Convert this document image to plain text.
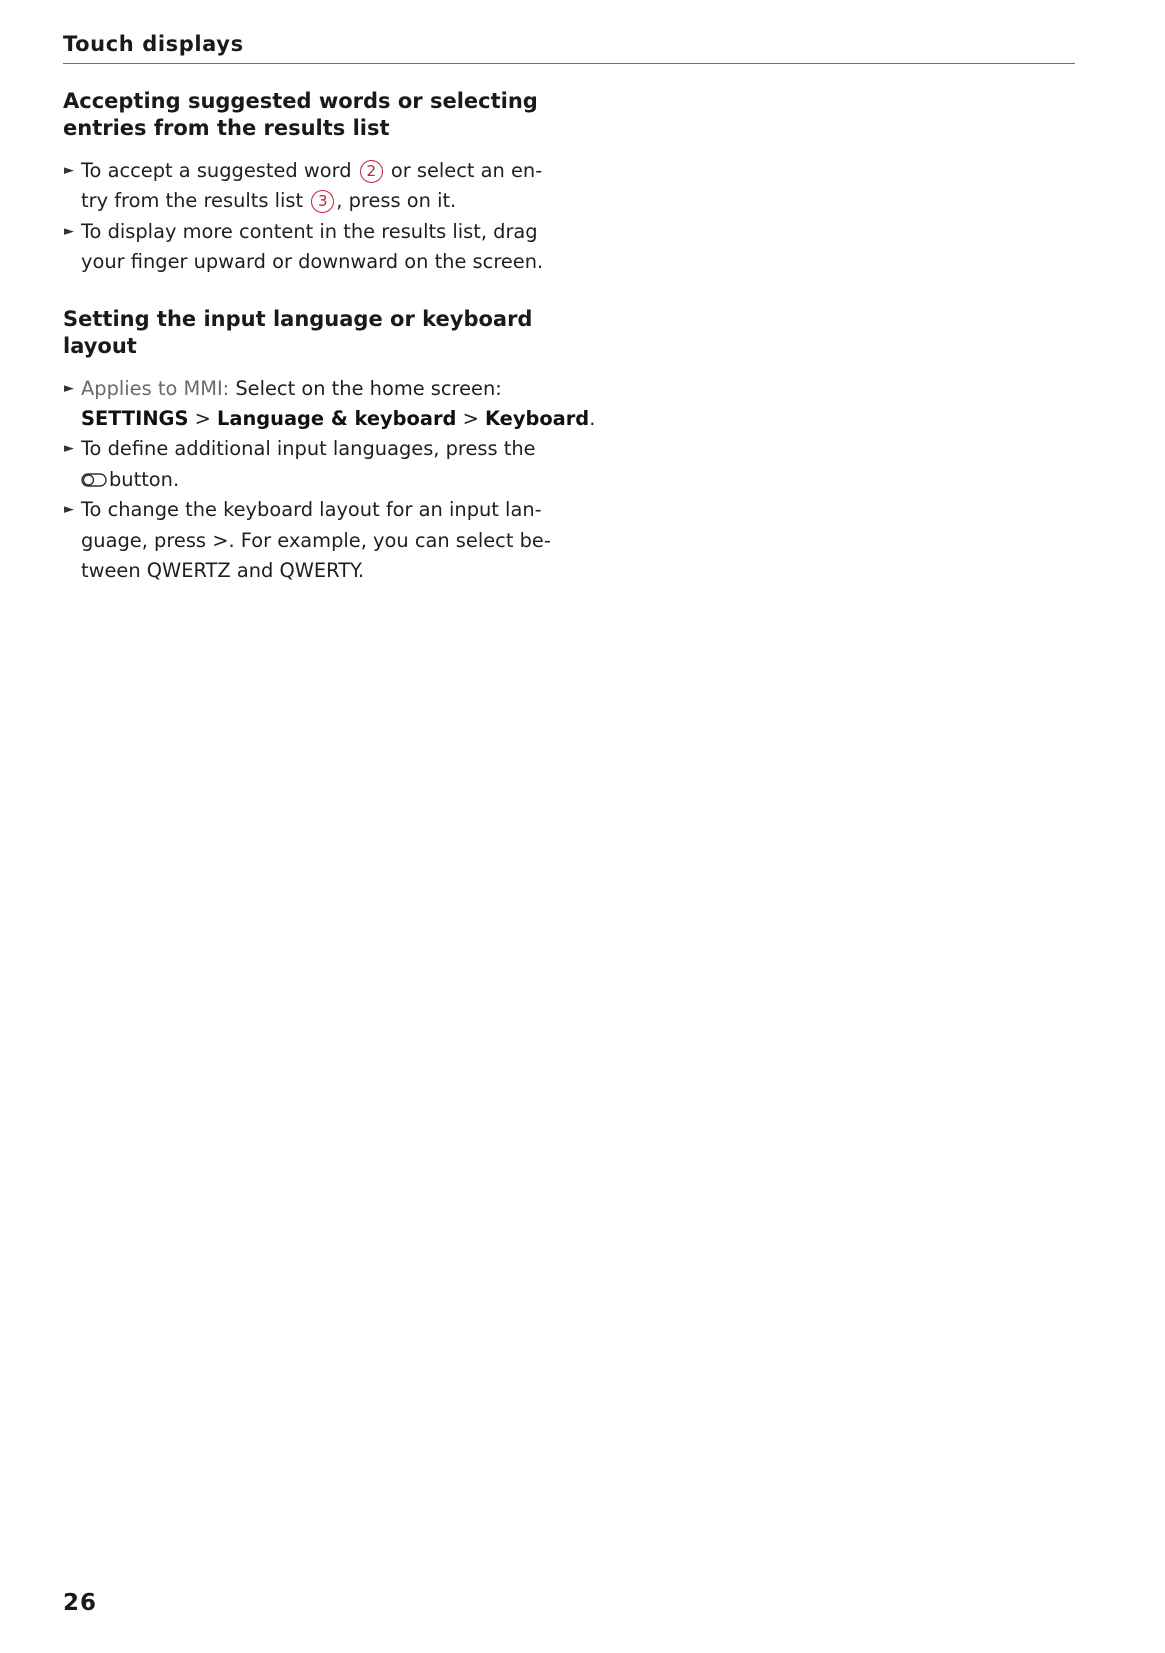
Touch displays
Accepting suggested words or selecting
entries from the results list
► To accept a suggested word 2 or select an en-
try from the results list 3 , press on it.
► To display more content in the results list, drag
your finger upward or downward on the screen.
Setting the input language or keyboard
layout
► Applies to MMI: Select on the home screen:
SETTINGS > Language & keyboard > Keyboard.
► To define additional input languages, press the
button.
► To change the keyboard layout for an input lan-
guage, press >. For example, you can select be-
tween QWERTZ and QWERTY.
26
